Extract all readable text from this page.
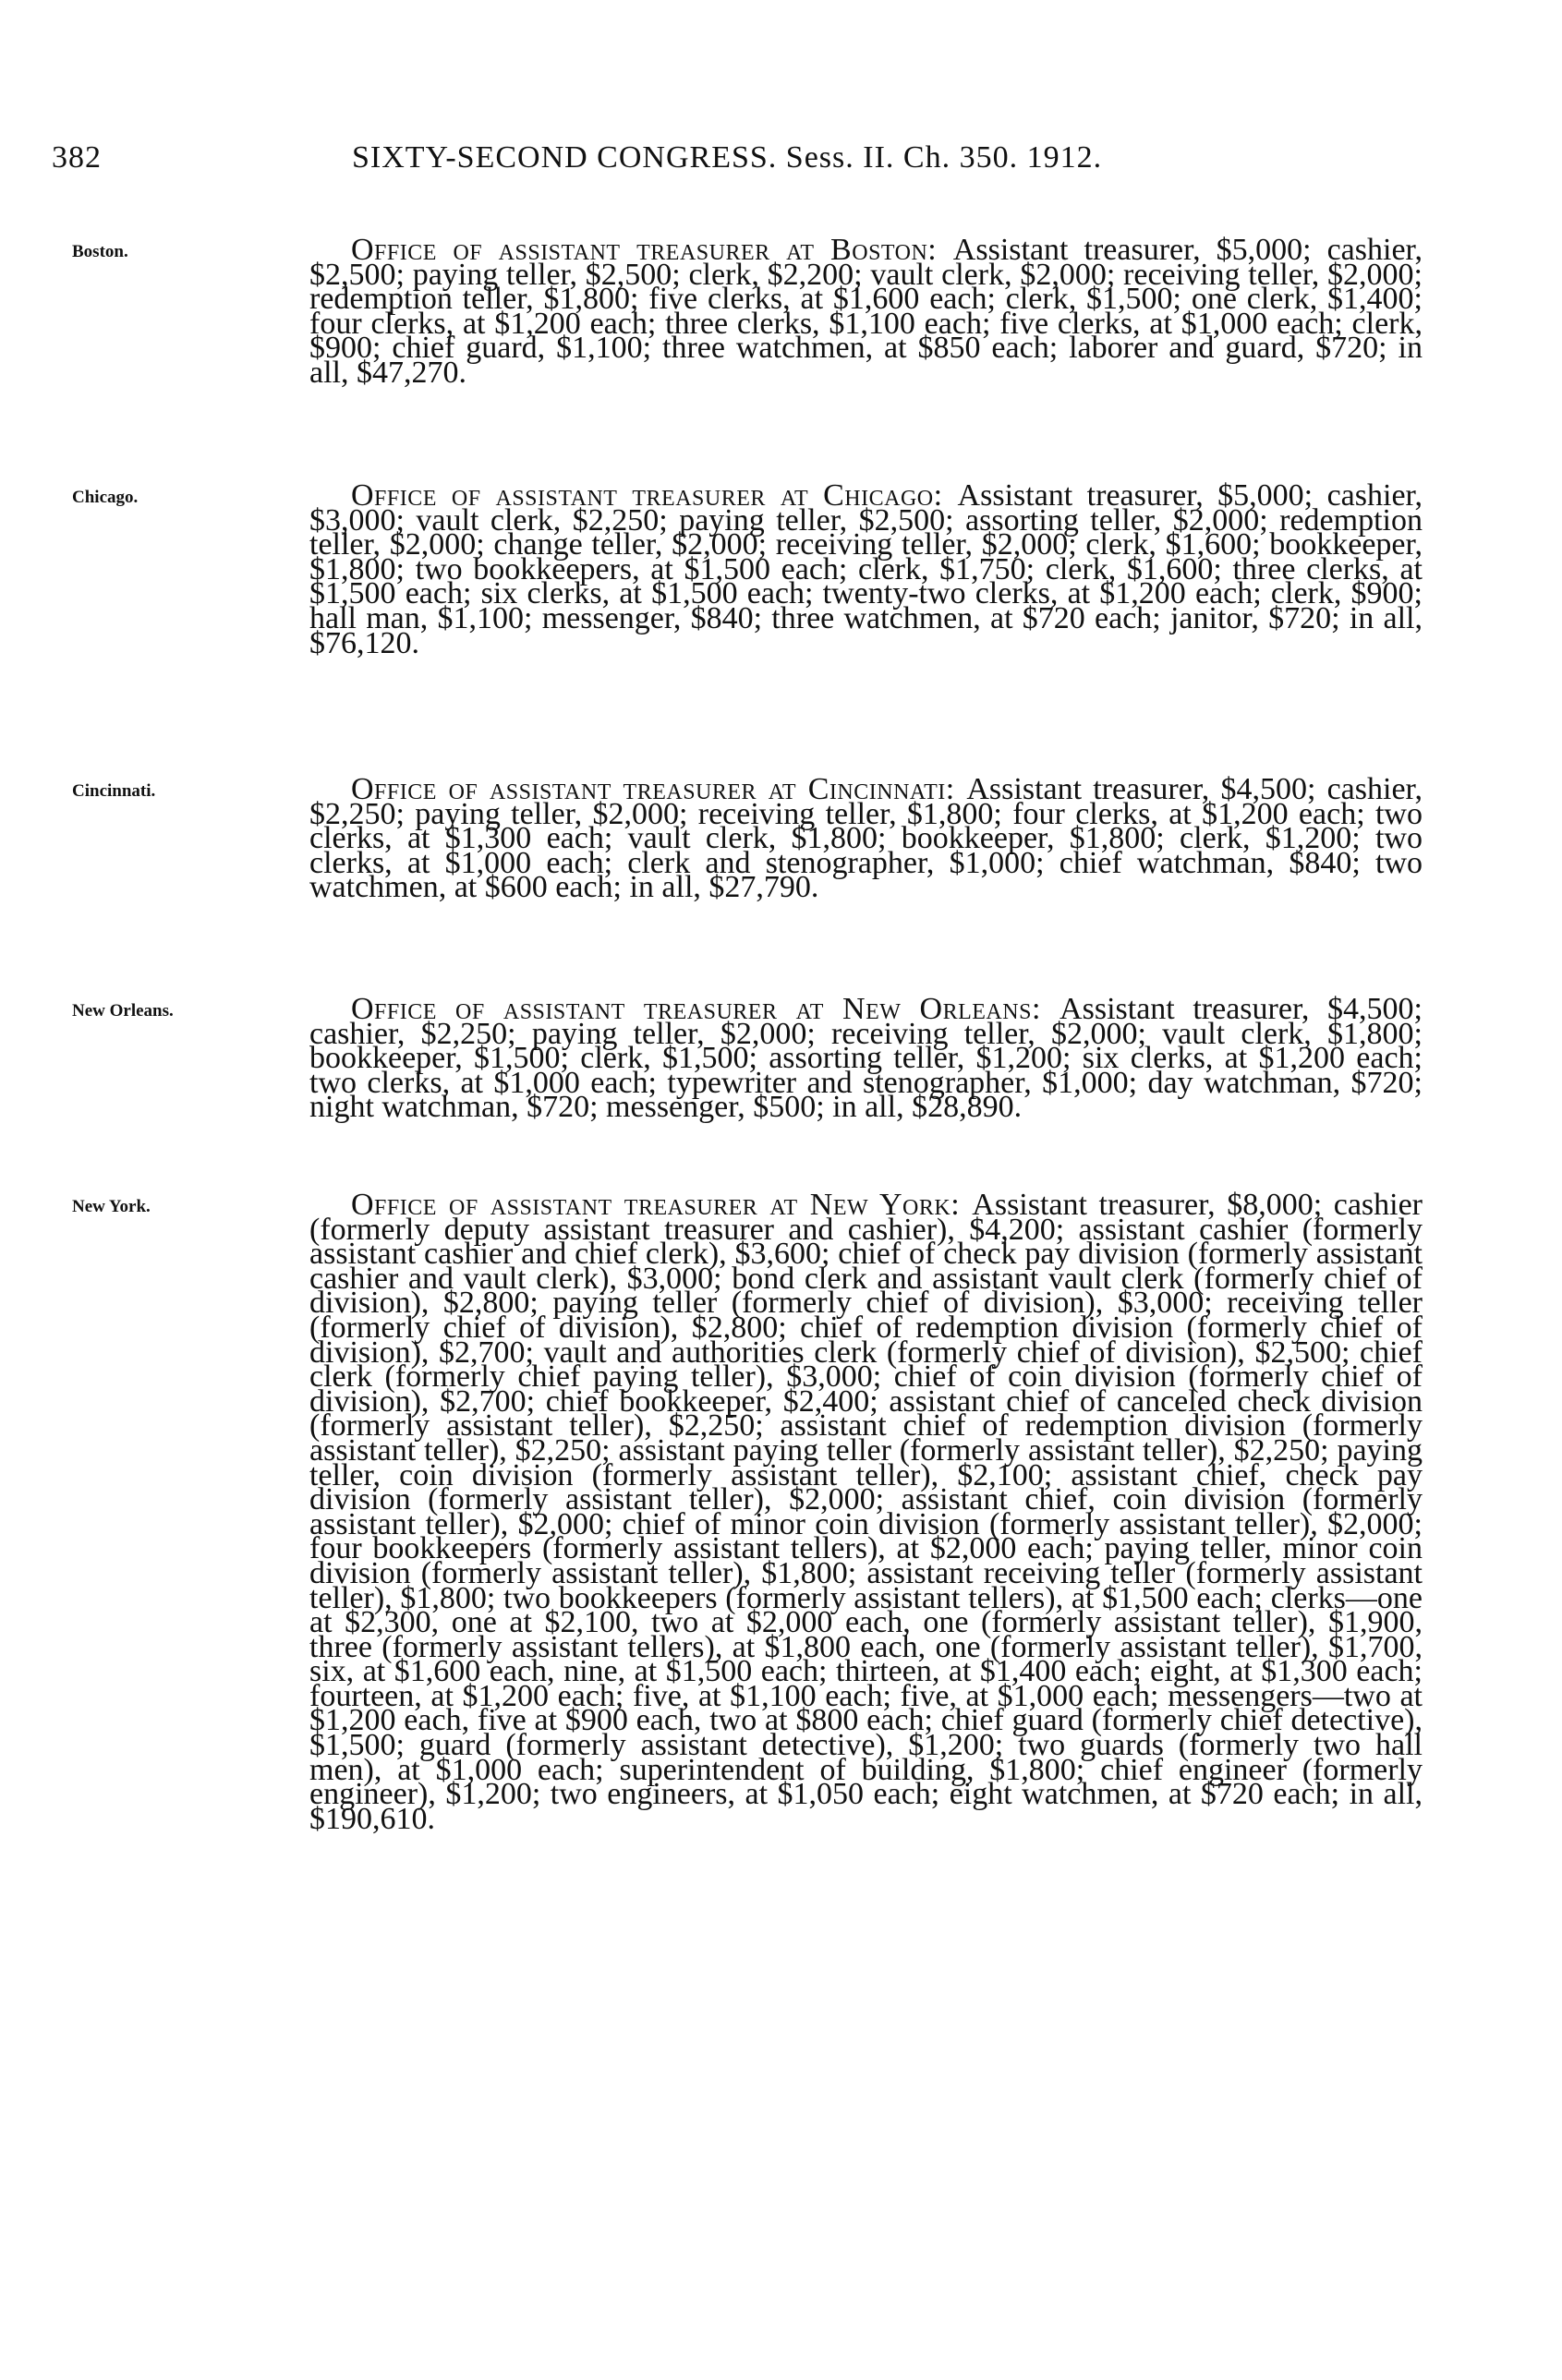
382	SIXTY-SECOND CONGRESS. Sess. II. Ch. 350. 1912.
Boston.	Office of assistant treasurer at Boston: Assistant treasurer, $5,000; cashier, $2,500; paying teller, $2,500; clerk, $2,200; vault clerk, $2,000; receiving teller, $2,000; redemption teller, $1,800; five clerks, at $1,600 each; clerk, $1,500; one clerk, $1,400; four clerks, at $1,200 each; three clerks, $1,100 each; five clerks, at $1,000 each; clerk, $900; chief guard, $1,100; three watchmen, at $850 each; laborer and guard, $720; in all, $47,270.
Chicago.	Office of assistant treasurer at Chicago: Assistant treasurer, $5,000; cashier, $3,000; vault clerk, $2,250; paying teller, $2,500; assorting teller, $2,000; redemption teller, $2,000; change teller, $2,000; receiving teller, $2,000; clerk, $1,600; bookkeeper, $1,800; two bookkeepers, at $1,500 each; clerk, $1,750; clerk, $1,600; three clerks, at $1,500 each; six clerks, at $1,500 each; twenty-two clerks, at $1,200 each; clerk, $900; hall man, $1,100; messenger, $840; three watchmen, at $720 each; janitor, $720; in all, $76,120.
Cincinnati.	Office of assistant treasurer at Cincinnati: Assistant treasurer, $4,500; cashier, $2,250; paying teller, $2,000; receiving teller, $1,800; four clerks, at $1,200 each; two clerks, at $1,300 each; vault clerk, $1,800; bookkeeper, $1,800; clerk, $1,200; two clerks, at $1,000 each; clerk and stenographer, $1,000; chief watchman, $840; two watchmen, at $600 each; in all, $27,790.
New Orleans.	Office of assistant treasurer at New Orleans: Assistant treasurer, $4,500; cashier, $2,250; paying teller, $2,000; receiving teller, $2,000; vault clerk, $1,800; bookkeeper, $1,500; clerk, $1,500; assorting teller, $1,200; six clerks, at $1,200 each; two clerks, at $1,000 each; typewriter and stenographer, $1,000; day watchman, $720; night watchman, $720; messenger, $500; in all, $28,890.
New York.	Office of assistant treasurer at New York: Assistant treasurer, $8,000; cashier (formerly deputy assistant treasurer and cashier), $4,200; assistant cashier (formerly assistant cashier and chief clerk), $3,600; chief of check pay division (formerly assistant cashier and vault clerk), $3,000; bond clerk and assistant vault clerk (formerly chief of division), $2,800; paying teller (formerly chief of division), $3,000; receiving teller (formerly chief of division), $2,800; chief of redemption division (formerly chief of division), $2,700; vault and authorities clerk (formerly chief of division), $2,500; chief clerk (formerly chief paying teller), $3,000; chief of coin division (formerly chief of division), $2,700; chief bookkeeper, $2,400; assistant chief of canceled check division (formerly assistant teller), $2,250; assistant chief of redemption division (formerly assistant teller), $2,250; assistant paying teller (formerly assistant teller), $2,250; paying teller, coin division (formerly assistant teller), $2,100; assistant chief, check pay division (formerly assistant teller), $2,000; assistant chief, coin division (formerly assistant teller), $2,000; chief of minor coin division (formerly assistant teller), $2,000; four bookkeepers (formerly assistant tellers), at $2,000 each; paying teller, minor coin division (formerly assistant teller), $1,800; assistant receiving teller (formerly assistant teller), $1,800; two bookkeepers (formerly assistant tellers), at $1,500 each; clerks—one at $2,300, one at $2,100, two at $2,000 each, one (formerly assistant teller), $1,900, three (formerly assistant tellers), at $1,800 each, one (formerly assistant teller), $1,700, six, at $1,600 each, nine, at $1,500 each; thirteen, at $1,400 each; eight, at $1,300 each; fourteen, at $1,200 each; five, at $1,100 each; five, at $1,000 each; messengers—two at $1,200 each, five at $900 each, two at $800 each; chief guard (formerly chief detective), $1,500; guard (formerly assistant detective), $1,200; two guards (formerly two hall men), at $1,000 each; superintendent of building, $1,800; chief engineer (formerly engineer), $1,200; two engineers, at $1,050 each; eight watchmen, at $720 each; in all, $190,610.
